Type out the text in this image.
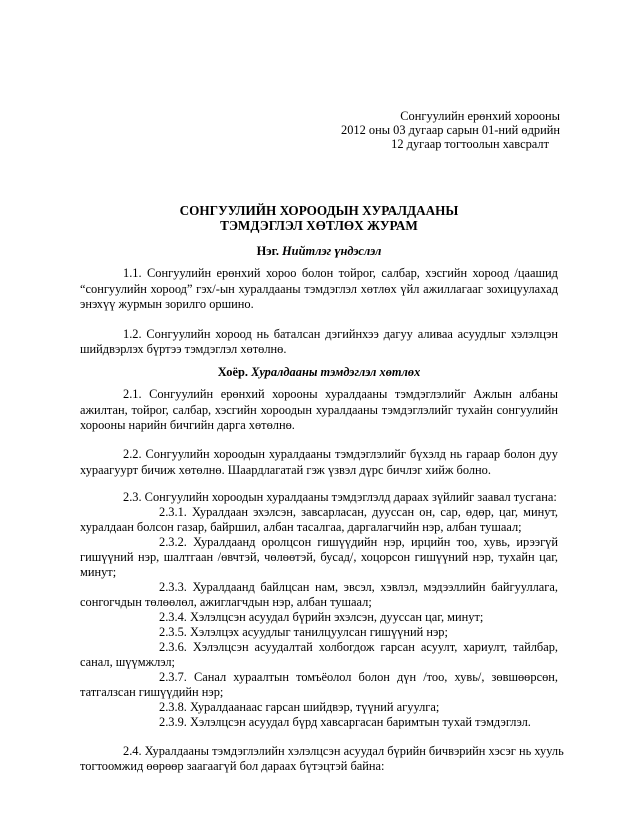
Сонгуулийн ерөнхий хорооны
2012 оны 03 дугаар сарын 01-ний өдрийн
12 дугаар тогтоолын хавсралт
СОНГУУЛИЙН ХОРООДЫН ХУРАЛДААНЫ
ТЭМДЭГЛЭЛ ХӨТЛӨХ ЖУРАМ
Нэг. Нийтлэг үндэслэл
1.1. Сонгуулийн ерөнхий хороо болон тойрог, салбар, хэсгийн хороод /цаашид
“сонгуулийн хороод” гэх/-ын хуралдааны тэмдэглэл хөтлөх үйл ажиллагааг зохицуулахад
энэхүү журмын зорилго оршино.
1.2. Сонгуулийн хороод нь баталсан дэгийнхээ дагуу аливаа асуудлыг хэлэлцэн
шийдвэрлэх бүртээ тэмдэглэл хөтөлнө.
Хоёр. Хуралдааны тэмдэглэл хөтлөх
2.1. Сонгуулийн ерөнхий хорооны хуралдааны тэмдэглэлийг Ажлын албаны
ажилтан, тойрог, салбар, хэсгийн хороодын хуралдааны тэмдэглэлийг тухайн сонгуулийн
хорооны нарийн бичгийн дарга хөтөлнө.
2.2. Сонгуулийн хороодын хуралдааны тэмдэглэлийг бүхэлд нь гараар болон дуу
хураагуурт бичиж хөтөлнө. Шаардлагатай гэж үзвэл дүрс бичлэг хийж болно.
2.3. Сонгуулийн хороодын хуралдааны тэмдэглэлд дараах зүйлийг заавал тусгана:
2.3.1. Хуралдаан эхэлсэн, завсарласан, дууссан он, сар, өдөр, цаг, минут,
хуралдаан болсон газар, байршил, албан тасалгаа, даргалагчийн нэр, албан тушаал;
2.3.2. Хуралдаанд оролцсон гишүүдийн нэр, ирцийн тоо, хувь, ирээгүй
гишүүний нэр, шалтгаан /өвчтэй, чөлөөтэй, бусад/, хоцорсон гишүүний нэр, тухайн цаг,
минут;
2.3.3. Хуралдаанд байлцсан нам, эвсэл, хэвлэл, мэдээллийн байгууллага,
сонгогчдын төлөөлөл, ажиглагчдын нэр, албан тушаал;
2.3.4. Хэлэлцсэн асуудал бүрийн эхэлсэн, дууссан цаг, минут;
2.3.5. Хэлэлцэх асуудлыг танилцуулсан гишүүний нэр;
2.3.6. Хэлэлцсэн асуудалтай холбогдож гарсан асуулт, хариулт, тайлбар,
санал, шүүмжлэл;
2.3.7. Санал хураалтын томъёолол болон дүн /тоо, хувь/, зөвшөөрсөн,
татгалзсан гишүүдийн нэр;
2.3.8. Хуралдаанаас гарсан шийдвэр, түүний агуулга;
2.3.9. Хэлэлцсэн асуудал бүрд хавсаргасан баримтын тухай тэмдэглэл.
2.4. Хуралдааны тэмдэглэлийн хэлэлцсэн асуудал бүрийн бичвэрийн хэсэг нь хууль
тогтоомжид өөрөөр заагаагүй бол дараах бүтэцтэй байна:
